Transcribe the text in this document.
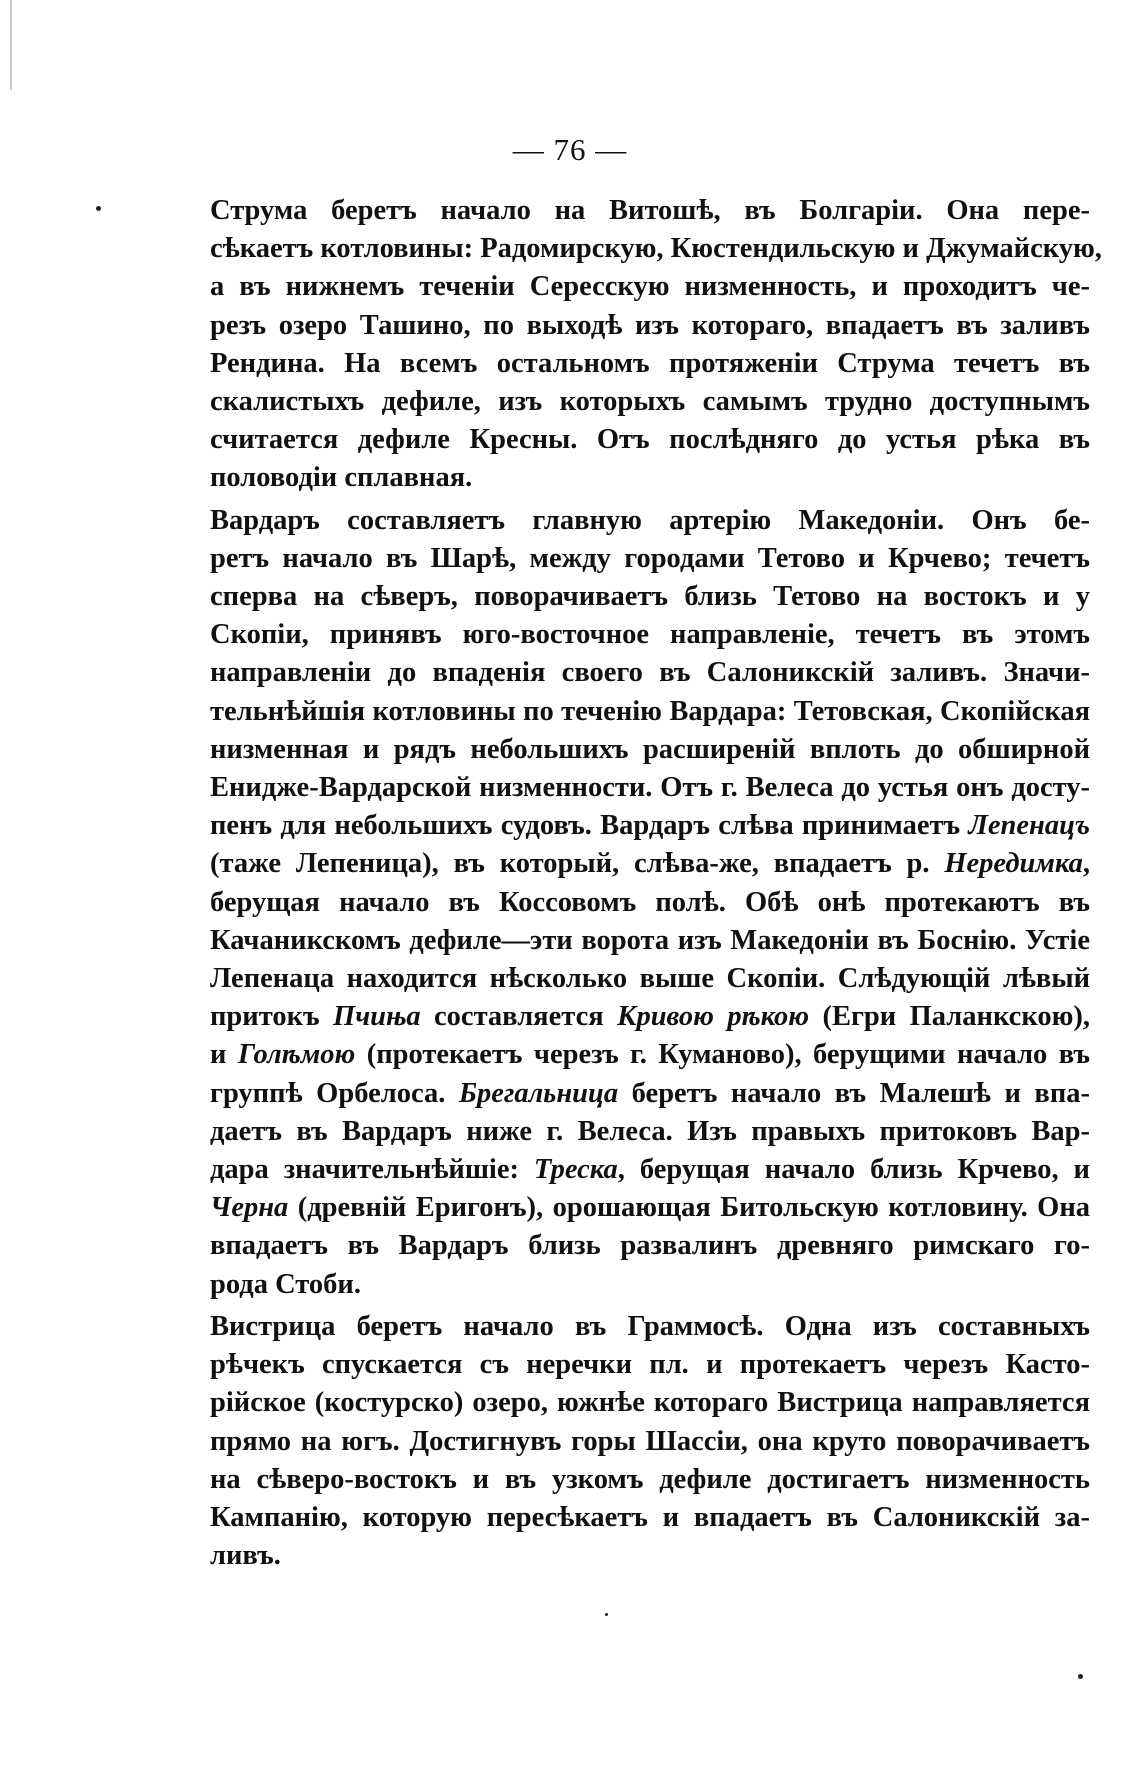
— 76 —

Струма беретъ начало на Витошѣ, въ Болгаріи. Она пере-
сѣкаетъ котловины: Радомирскую, Кюстендильскую и Джумайскую,
а въ нижнемъ теченіи Сересскую низменность, и проходитъ че-
резъ озеро Ташино, по выходѣ изъ котораго, впадаетъ въ заливъ
Рендина. На всемъ остальномъ протяженіи Струма течетъ въ
скалистыхъ дефиле, изъ которыхъ самымъ трудно доступнымъ
считается дефиле Кресны. Отъ послѣдняго до устья рѣка въ
половодіи сплавная.

Вардаръ составляетъ главную артерію Македоніи. Онъ бе-
ретъ начало въ Шарѣ, между городами Тетово и Крчево; течетъ
сперва на сѣверъ, поворачиваетъ близь Тетово на востокъ и у
Скопіи, принявъ юго-восточное направленіе, течетъ въ этомъ
направленіи до впаденія своего въ Салоникскій заливъ. Значи-
тельнѣйшія котловины по теченію Вардара: Тетовская, Скопійская
низменная и рядъ небольшихъ расширеній вплоть до обширной
Енидже-Вардарской низменности. Отъ г. Велеса до устья онъ досту-
пенъ для небольшихъ судовъ. Вардаръ слѣва принимаетъ Лепенацъ
(таже Лепеница), въ который, слѣва-же, впадаетъ р. Нередимка,
берущая начало въ Коссовомъ полѣ. Обѣ онѣ протекаютъ въ
Качаникскомъ дефиле—эти ворота изъ Македоніи въ Боснію. Устіе
Лепенаца находится нѣсколько выше Скопіи. Слѣдующій лѣвый
притокъ Пчиња составляется Кривою рѣкою (Егри Паланкскою),
и Голѣмою (протекаетъ черезъ г. Куманово), берущими начало въ
группѣ Орбелоса. Брегальница беретъ начало въ Малешѣ и впа-
даетъ въ Вардаръ ниже г. Велеса. Изъ правыхъ притоковъ Вар-
дара значительнѣйшіе: Треска, берущая начало близь Крчево, и
Черна (древній Еригонъ), орошающая Битольскую котловину. Она
впадаетъ въ Вардаръ близь развалинъ древняго римскаго го-
рода Стоби.

Вистрица беретъ начало въ Граммосѣ. Одна изъ составныхъ
рѣчекъ спускается съ неречки пл. и протекаетъ черезъ Касто-
рійское (костурско) озеро, южнѣе котораго Вистрица направляется
прямо на югъ. Достигнувъ горы Шассіи, она круто поворачиваетъ
на сѣверо-востокъ и въ узкомъ дефиле достигаетъ низменность
Кампанію, которую пересѣкаетъ и впадаетъ въ Салоникскій за-
ливъ.
